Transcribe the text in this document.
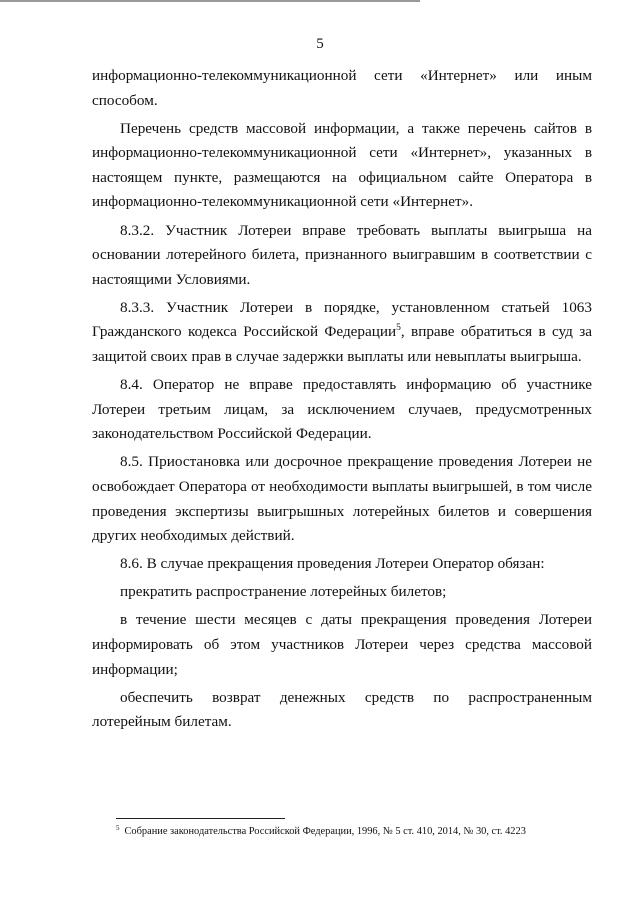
5

информационно-телекоммуникационной сети «Интернет» или иным способом.

Перечень средств массовой информации, а также перечень сайтов в информационно-телекоммуникационной сети «Интернет», указанных в настоящем пункте, размещаются на официальном сайте Оператора в информационно-телекоммуникационной сети «Интернет».

8.3.2. Участник Лотереи вправе требовать выплаты выигрыша на основании лотерейного билета, признанного выигравшим в соответствии с настоящими Условиями.

8.3.3. Участник Лотереи в порядке, установленном статьей 1063 Гражданского кодекса Российской Федерации$^5$, вправе обратиться в суд за защитой своих прав в случае задержки выплаты или невыплаты выигрыша.

8.4. Оператор не вправе предоставлять информацию об участнике Лотереи третьим лицам, за исключением случаев, предусмотренных законодательством Российской Федерации.

8.5. Приостановка или досрочное прекращение проведения Лотереи не освобождает Оператора от необходимости выплаты выигрышей, в том числе проведения экспертизы выигрышных лотерейных билетов и совершения других необходимых действий.

8.6. В случае прекращения проведения Лотереи Оператор обязан:

прекратить распространение лотерейных билетов;

в течение шести месяцев с даты прекращения проведения Лотереи информировать об этом участников Лотереи через средства массовой информации;

обеспечить возврат денежных средств по распространенным лотерейным билетам.

$^5$ Собрание законодательства Российской Федерации, 1996, № 5 ст. 410, 2014, № 30, ст. 4223
